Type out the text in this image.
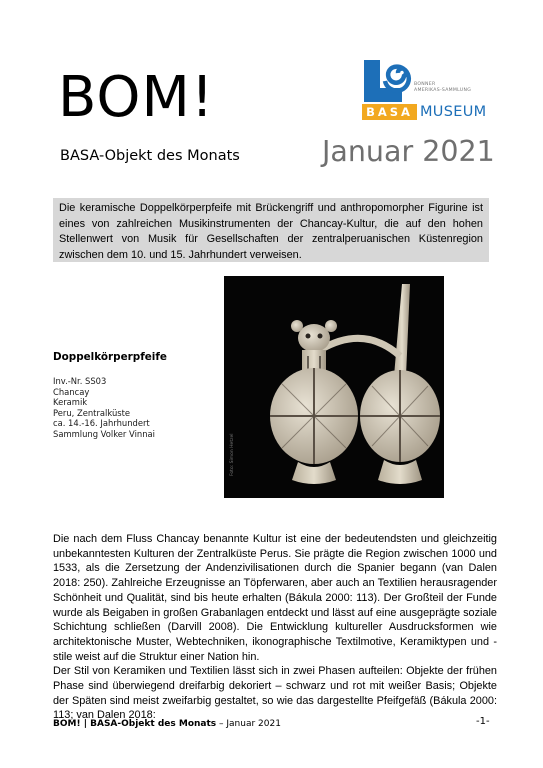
BOM!
BASA-Objekt des Monats	Januar 2021
BONNER
AMERIKAS-SAMMLUNG
BASA MUSEUM
Die keramische Doppelkörperpfeife mit Brückengriff und anthropomorpher Figurine ist eines von zahlreichen Musikinstrumenten der Chancay-Kultur, die auf den hohen Stellenwert von Musik für Gesellschaften der zentralperuanischen Küstenregion zwischen dem 10. und 15. Jahrhundert verweisen.
Foto: Simon Hetzel
Doppelkörperpfeife
Inv.-Nr. SS03
Chancay
Keramik
Peru, Zentralküste
ca. 14.-16. Jahrhundert
Sammlung Volker Vinnai

Die nach dem Fluss Chancay benannte Kultur ist eine der bedeutendsten und gleichzeitig unbekanntesten Kulturen der Zentralküste Perus. Sie prägte die Region zwischen 1000 und 1533, als die Zersetzung der Andenzivilisationen durch die Spanier begann (van Dalen 2018: 250). Zahlreiche Erzeugnisse an Töpferwaren, aber auch an Textilien herausragender Schönheit und Qualität, sind bis heute erhalten (Bákula 2000: 113). Der Großteil der Funde wurde als Beigaben in großen Grabanlagen entdeckt und lässt auf eine ausgeprägte soziale Schichtung schließen (Darvill 2008). Die Entwicklung kultureller Ausdrucksformen wie architektonische Muster, Webtechniken, ikonographische Textilmotive, Keramiktypen und -stile weist auf die Struktur einer Nation hin.

Der Stil von Keramiken und Textilien lässt sich in zwei Phasen aufteilen: Objekte der frühen Phase sind überwiegend dreifarbig dekoriert – schwarz und rot mit weißer Basis; Objekte der Späten sind meist zweifarbig gestaltet, so wie das dargestellte Pfeifgefäß (Bákula 2000: 113; van Dalen 2018:

BOM! | BASA-Objekt des Monats – Januar 2021	-1-
